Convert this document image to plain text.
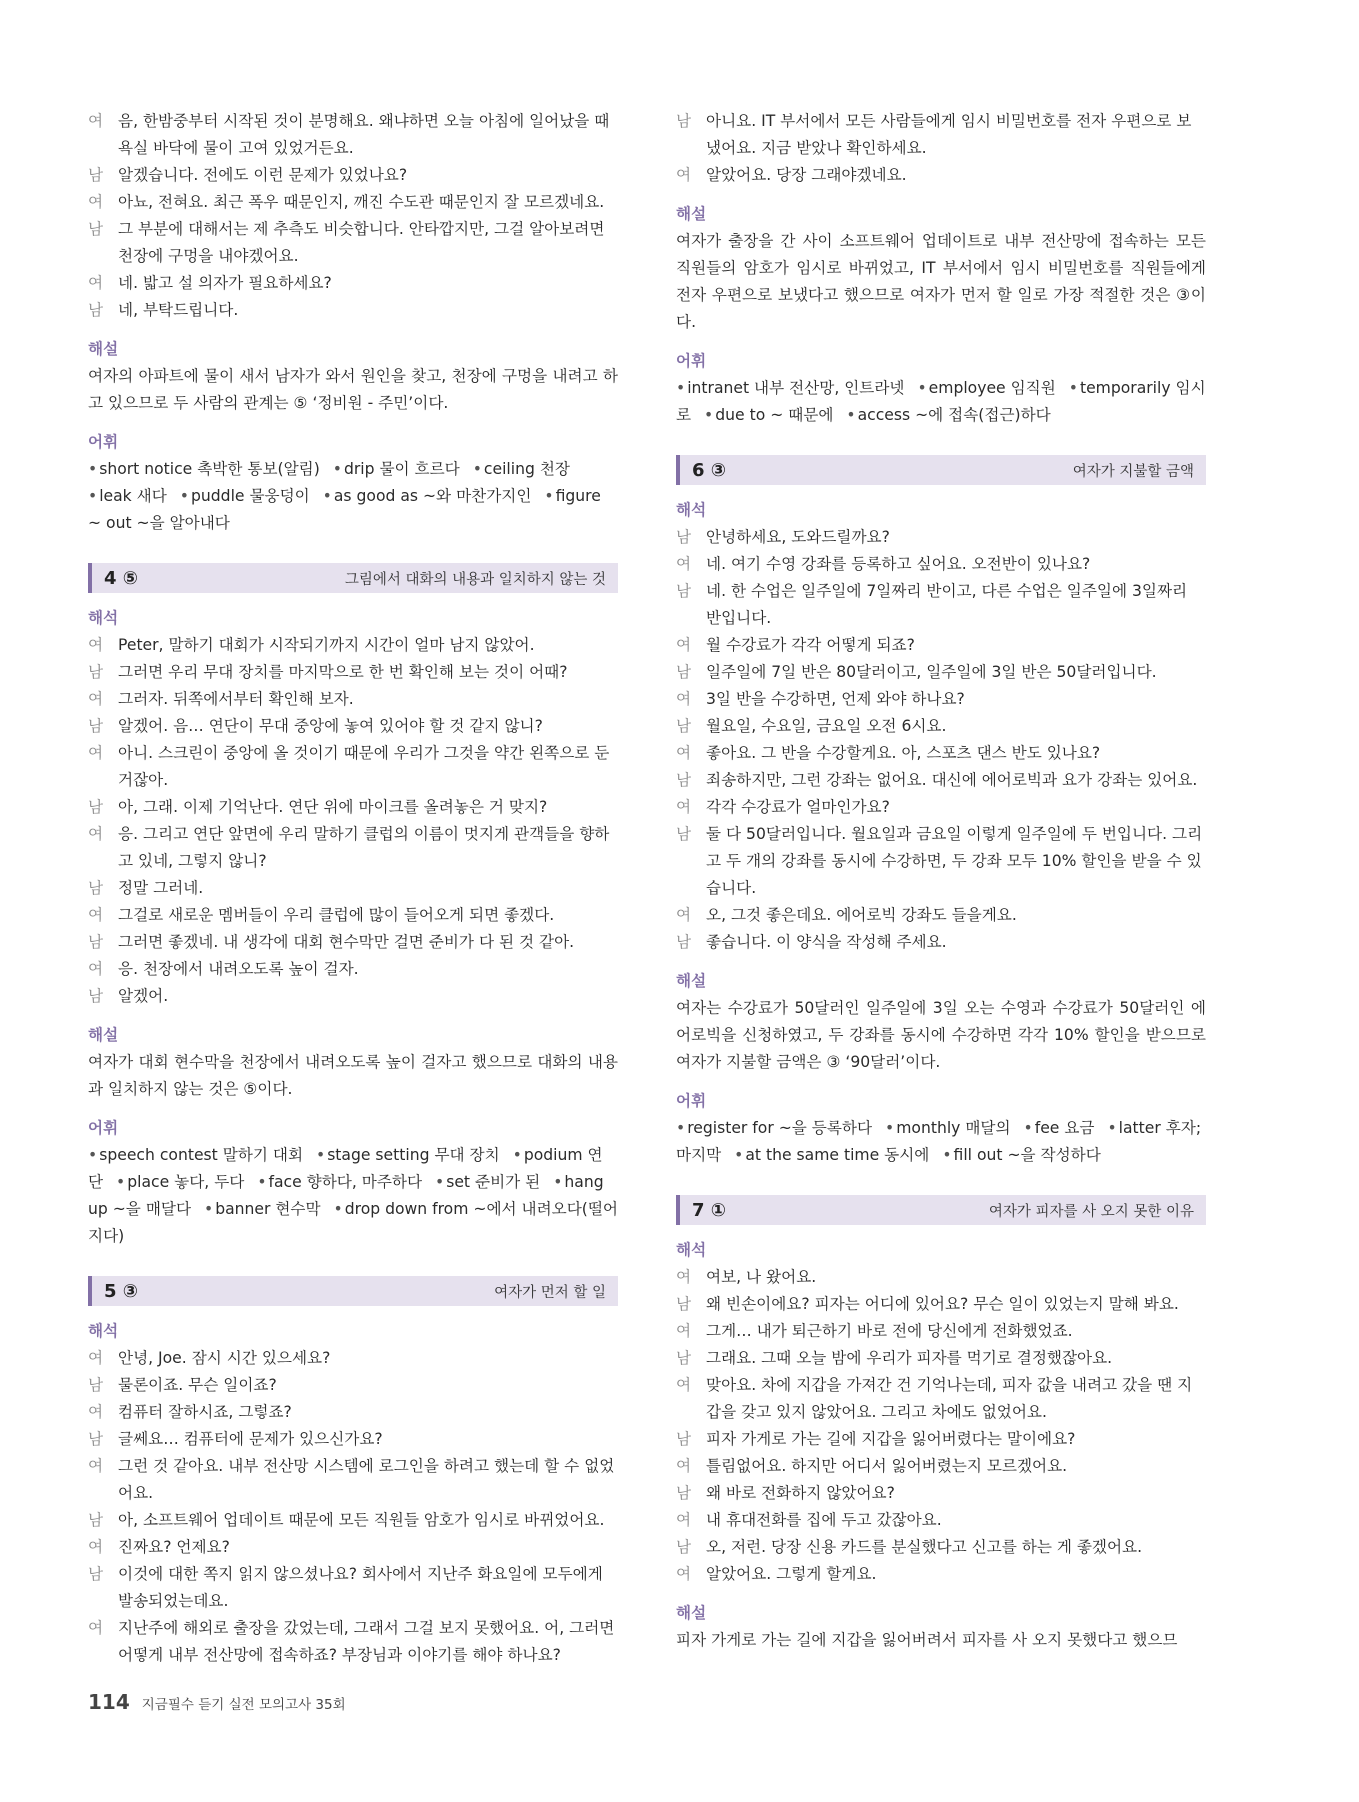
여 음, 한밤중부터 시작된 것이 분명해요. 왜냐하면 오늘 아침에 일어났을 때 욕실 바닥에 물이 고여 있었거든요.
남 알겠습니다. 전에도 이런 문제가 있었나요?
여 아뇨, 전혀요. 최근 폭우 때문인지, 깨진 수도관 때문인지 잘 모르겠네요.
남 그 부분에 대해서는 제 추측도 비슷합니다. 안타깝지만, 그걸 알아보려면 천장에 구멍을 내야겠어요.
여 네. 밟고 설 의자가 필요하세요?
남 네, 부탁드립니다.
해설
여자의 아파트에 물이 새서 남자가 와서 원인을 찾고, 천장에 구멍을 내려고 하고 있으므로 두 사람의 관계는 ⑤ ‘정비원 - 주민’이다.
어휘
• short notice 촉박한 통보(알림) • drip 물이 흐르다 • ceiling 천장 • leak 새다 • puddle 물웅덩이 • as good as ~와 마찬가지인 • figure ~ out ~을 알아내다
4 ⑤	그림에서 대화의 내용과 일치하지 않는 것
해석
여 Peter, 말하기 대회가 시작되기까지 시간이 얼마 남지 않았어.
남 그러면 우리 무대 장치를 마지막으로 한 번 확인해 보는 것이 어때?
여 그러자. 뒤쪽에서부터 확인해 보자.
남 알겠어. 음… 연단이 무대 중앙에 놓여 있어야 할 것 같지 않니?
여 아니. 스크린이 중앙에 올 것이기 때문에 우리가 그것을 약간 왼쪽으로 둔 거잖아.
남 아, 그래. 이제 기억난다. 연단 위에 마이크를 올려놓은 거 맞지?
여 응. 그리고 연단 앞면에 우리 말하기 클럽의 이름이 멋지게 관객들을 향하고 있네, 그렇지 않니?
남 정말 그러네.
여 그걸로 새로운 멤버들이 우리 클럽에 많이 들어오게 되면 좋겠다.
남 그러면 좋겠네. 내 생각에 대회 현수막만 걸면 준비가 다 된 것 같아.
여 응. 천장에서 내려오도록 높이 걸자.
남 알겠어.
해설
여자가 대회 현수막을 천장에서 내려오도록 높이 걸자고 했으므로 대화의 내용과 일치하지 않는 것은 ⑤이다.
어휘
• speech contest 말하기 대회 • stage setting 무대 장치 • podium 연단 • place 놓다, 두다 • face 향하다, 마주하다 • set 준비가 된 • hang up ~을 매달다 • banner 현수막 • drop down from ~에서 내려오다(떨어지다)
5 ③	여자가 먼저 할 일
해석
여 안녕, Joe. 잠시 시간 있으세요?
남 물론이죠. 무슨 일이죠?
여 컴퓨터 잘하시죠, 그렇죠?
남 글쎄요… 컴퓨터에 문제가 있으신가요?
여 그런 것 같아요. 내부 전산망 시스템에 로그인을 하려고 했는데 할 수 없었어요.
남 아, 소프트웨어 업데이트 때문에 모든 직원들 암호가 임시로 바뀌었어요.
여 진짜요? 언제요?
남 이것에 대한 쪽지 읽지 않으셨나요? 회사에서 지난주 화요일에 모두에게 발송되었는데요.
여 지난주에 해외로 출장을 갔었는데, 그래서 그걸 보지 못했어요. 어, 그러면 어떻게 내부 전산망에 접속하죠? 부장님과 이야기를 해야 하나요?
남 아니요. IT 부서에서 모든 사람들에게 임시 비밀번호를 전자 우편으로 보냈어요. 지금 받았나 확인하세요.
여 알았어요. 당장 그래야겠네요.
해설
여자가 출장을 간 사이 소프트웨어 업데이트로 내부 전산망에 접속하는 모든 직원들의 암호가 임시로 바뀌었고, IT 부서에서 임시 비밀번호를 직원들에게 전자 우편으로 보냈다고 했으므로 여자가 먼저 할 일로 가장 적절한 것은 ③이다.
어휘
• intranet 내부 전산망, 인트라넷 • employee 임직원 • temporarily 임시로 • due to ~ 때문에 • access ~에 접속(접근)하다
6 ③	여자가 지불할 금액
해석
남 안녕하세요, 도와드릴까요?
여 네. 여기 수영 강좌를 등록하고 싶어요. 오전반이 있나요?
남 네. 한 수업은 일주일에 7일짜리 반이고, 다른 수업은 일주일에 3일짜리 반입니다.
여 월 수강료가 각각 어떻게 되죠?
남 일주일에 7일 반은 80달러이고, 일주일에 3일 반은 50달러입니다.
여 3일 반을 수강하면, 언제 와야 하나요?
남 월요일, 수요일, 금요일 오전 6시요.
여 좋아요. 그 반을 수강할게요. 아, 스포츠 댄스 반도 있나요?
남 죄송하지만, 그런 강좌는 없어요. 대신에 에어로빅과 요가 강좌는 있어요.
여 각각 수강료가 얼마인가요?
남 둘 다 50달러입니다. 월요일과 금요일 이렇게 일주일에 두 번입니다. 그리고 두 개의 강좌를 동시에 수강하면, 두 강좌 모두 10% 할인을 받을 수 있습니다.
여 오, 그것 좋은데요. 에어로빅 강좌도 들을게요.
남 좋습니다. 이 양식을 작성해 주세요.
해설
여자는 수강료가 50달러인 일주일에 3일 오는 수영과 수강료가 50달러인 에어로빅을 신청하였고, 두 강좌를 동시에 수강하면 각각 10% 할인을 받으므로 여자가 지불할 금액은 ③ ‘90달러’이다.
어휘
• register for ~을 등록하다 • monthly 매달의 • fee 요금 • latter 후자; 마지막 • at the same time 동시에 • fill out ~을 작성하다
7 ①	여자가 피자를 사 오지 못한 이유
해석
여 여보, 나 왔어요.
남 왜 빈손이에요? 피자는 어디에 있어요? 무슨 일이 있었는지 말해 봐요.
여 그게… 내가 퇴근하기 바로 전에 당신에게 전화했었죠.
남 그래요. 그때 오늘 밤에 우리가 피자를 먹기로 결정했잖아요.
여 맞아요. 차에 지갑을 가져간 건 기억나는데, 피자 값을 내려고 갔을 땐 지갑을 갖고 있지 않았어요. 그리고 차에도 없었어요.
남 피자 가게로 가는 길에 지갑을 잃어버렸다는 말이에요?
여 틀림없어요. 하지만 어디서 잃어버렸는지 모르겠어요.
남 왜 바로 전화하지 않았어요?
여 내 휴대전화를 집에 두고 갔잖아요.
남 오, 저런. 당장 신용 카드를 분실했다고 신고를 하는 게 좋겠어요.
여 알았어요. 그렇게 할게요.
해설
피자 가게로 가는 길에 지갑을 잃어버려서 피자를 사 오지 못했다고 했으므
114 지금필수 듣기 실전 모의고사 35회
